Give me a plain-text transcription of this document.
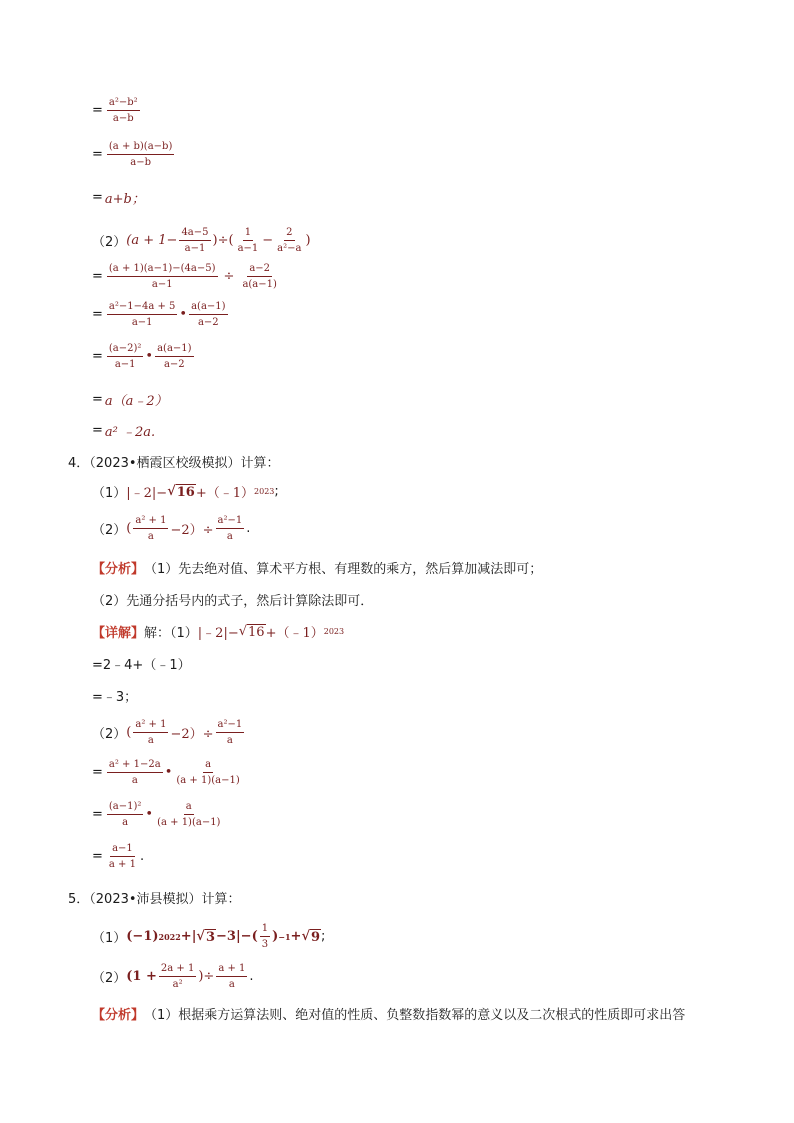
= $\frac{\text{a²−b²}}{a-b}$
= $\frac{(a + b)(a-b)}{a-b}$
= a+b；
（2） ($a + 1- \frac{4a-5}{a-1}$ )÷( $\frac{1}{a-1} - \frac{2}{\text{a²−a}}$ )
= $\frac{(a + 1)(a-1)-(4a-5)}{a-1} \div \frac{a-2}{a(a-1)}$
= $\frac{\text{a²−1−4a + 5}}{a-1}$ • $\frac{a(a-1)}{a-2}$
= $\frac{\text{(a−2)²}}{a-1}$ • $\frac{a(a-1)}{a-2}$
= a（a﹣2）
= a² ﹣2a.
4．（2023•栖霞区校级模拟）计算：
（1） |﹣2|− √ 16 +（﹣1） 2023 ;
（2） ( $\frac{\text{a² + 1}}{a} -2)\div \frac{\text{a²−1}}{a}$ .
【分析】 （1）先去绝对值、算术平方根、有理数的乘方，然后算加减法即可；
（2）先通分括号内的式子，然后计算除法即可．
【详解】 解：（1） |﹣2|− √ 16 +（﹣1） 2023
=2﹣4+（﹣1）
=﹣3；
（2） ( $\frac{\text{a² + 1}}{a} -2)\div \frac{\text{a²−1}}{a}$
= $\frac{\text{a² + 1−2a}}{a}$ • $\frac{a}{(a + 1)(a-1)}$
= $\frac{\text{(a−1)²}}{a}$ • $\frac{a}{(a + 1)(a-1)}$
= $\frac{a-1}{a + 1}$ .
5．（2023•沛县模拟）计算：
（1） (−1) 2022 +| √ $3 -3|-( \frac{1}{3}$ ) −1 + √ 9 ;
（2） ($1 + \frac{2a + 1}{\text{a²}}$ )÷ $\frac{a + 1}{a}$ .
【分析】 （1）根据乘方运算法则、绝对值的性质、负整数指数幂的意义以及二次根式的性质即可求出答
